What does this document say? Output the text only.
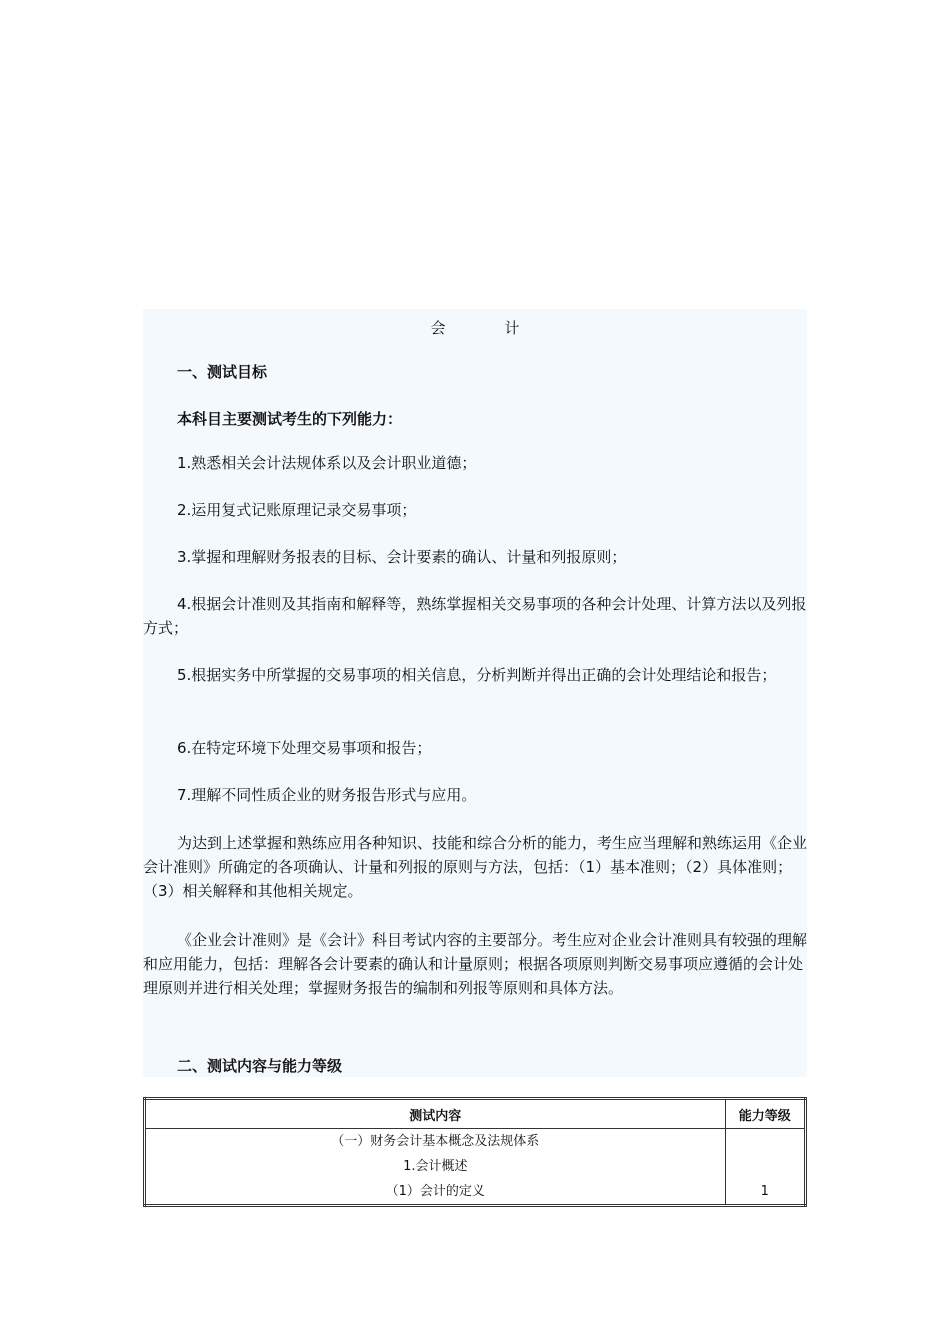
会　计
一、测试目标
本科目主要测试考生的下列能力：

1.熟悉相关会计法规体系以及会计职业道德；

2.运用复式记账原理记录交易事项；

3.掌握和理解财务报表的目标、会计要素的确认、计量和列报原则；

4.根据会计准则及其指南和解释等，熟练掌握相关交易事项的各种会计处理、计算方法以及列报方式；

5.根据实务中所掌握的交易事项的相关信息，分析判断并得出正确的会计处理结论和报告；

6.在特定环境下处理交易事项和报告；

7.理解不同性质企业的财务报告形式与应用。

为达到上述掌握和熟练应用各种知识、技能和综合分析的能力，考生应当理解和熟练运用《企业会计准则》所确定的各项确认、计量和列报的原则与方法，包括：（1）基本准则；（2）具体准则；（3）相关解释和其他相关规定。

《企业会计准则》是《会计》科目考试内容的主要部分。考生应对企业会计准则具有较强的理解和应用能力，包括：理解各会计要素的确认和计量原则；根据各项原则判断交易事项应遵循的会计处理原则并进行相关处理；掌握财务报告的编制和列报等原则和具体方法。

二、测试内容与能力等级
测试内容	能力等级

（一）财务会计基本概念及法规体系
1.会计概述
（1）会计的定义	1
